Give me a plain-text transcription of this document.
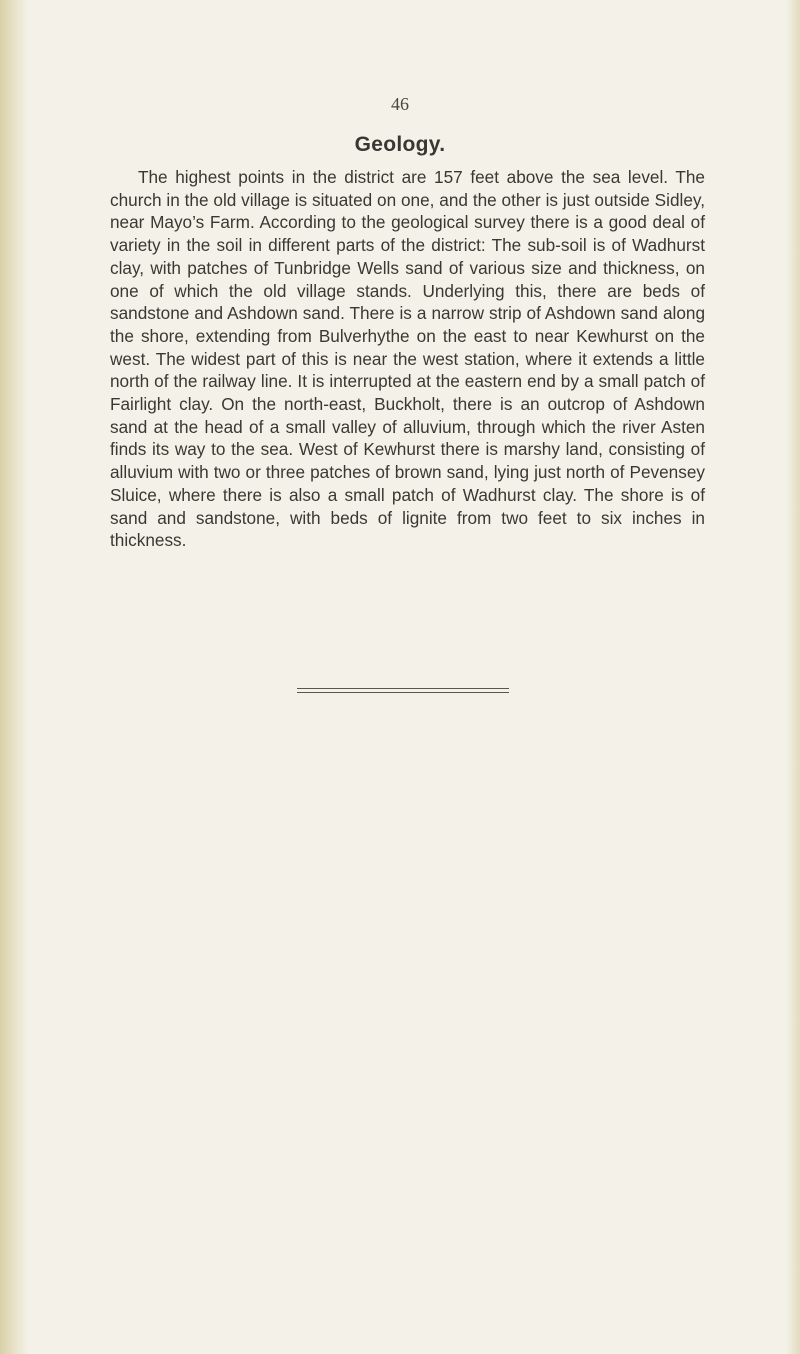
46
Geology.

The highest points in the district are 157 feet above the sea level. The church in the old village is situated on one, and the other is just outside Sidley, near Mayo’s Farm. According to the geological survey there is a good deal of variety in the soil in different parts of the district: The sub-soil is of Wadhurst clay, with patches of Tunbridge Wells sand of various size and thickness, on one of which the old village stands. Underlying this, there are beds of sandstone and Ashdown sand. There is a narrow strip of Ashdown sand along the shore, extending from Bulverhythe on the east to near Kewhurst on the west. The widest part of this is near the west station, where it extends a little north of the railway line. It is interrupted at the eastern end by a small patch of Fairlight clay. On the north-east, Buckholt, there is an outcrop of Ashdown sand at the head of a small valley of alluvium, through which the river Asten finds its way to the sea. West of Kewhurst there is marshy land, consisting of alluvium with two or three patches of brown sand, lying just north of Pevensey Sluice, where there is also a small patch of Wadhurst clay. The shore is of sand and sandstone, with beds of lignite from two feet to six inches in thickness.
